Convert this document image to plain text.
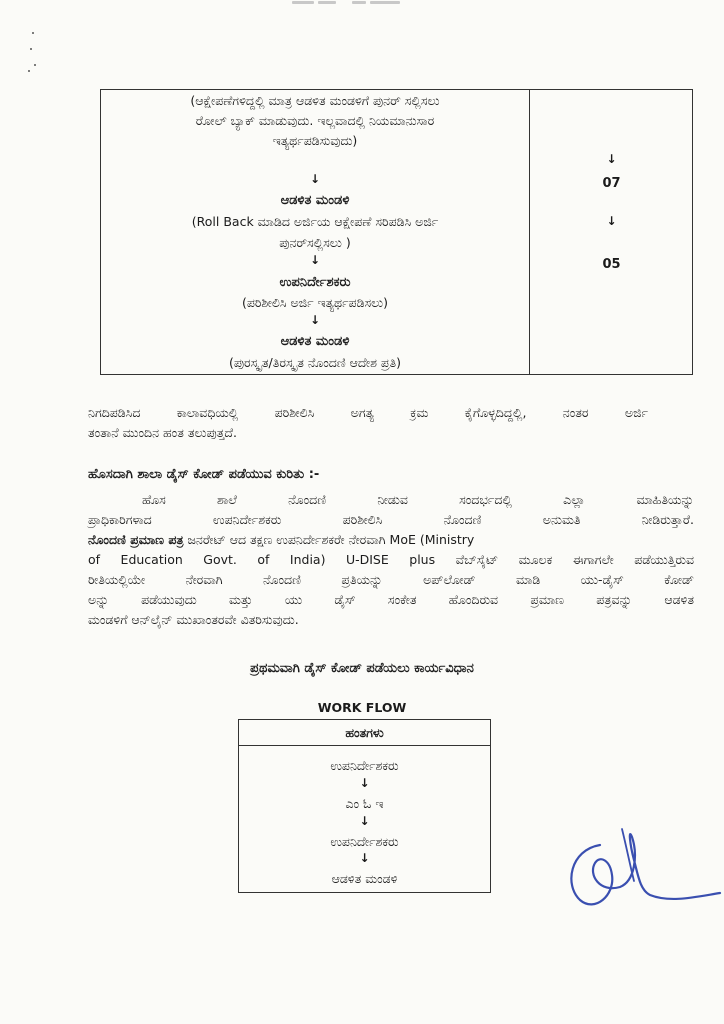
(ಆಕ್ಷೇಪಣೆಗಳಿದ್ದಲ್ಲಿ ಮಾತ್ರ ಆಡಳಿತ ಮಂಡಳಿಗೆ ಪುನರ್ ಸಲ್ಲಿಸಲು
ರೋಲ್ ಬ್ಯಾಕ್ ಮಾಡುವುದು. ಇಲ್ಲವಾದಲ್ಲಿ ನಿಯಮಾನುಸಾರ
ಇತ್ಯರ್ಥಪಡಿಸುವುದು)
↓
ಆಡಳಿತ ಮಂಡಳಿ
(Roll Back ಮಾಡಿದ ಅರ್ಜಿಯ ಆಕ್ಷೇಪಣೆ ಸರಿಪಡಿಸಿ ಅರ್ಜಿ
ಪುನರ್‌ಸಲ್ಲಿಸಲು )
↓
ಉಪನಿರ್ದೇಶಕರು
(ಪರಿಶೀಲಿಸಿ ಅರ್ಜಿ ಇತ್ಯರ್ಥಪಡಿಸಲು)
↓
ಆಡಳಿತ ಮಂಡಳಿ
(ಪುರಸ್ಕೃತ/ತಿರಸ್ಕೃತ ನೊಂದಣಿ ಆದೇಶ ಪ್ರತಿ)
↓
07
↓
05
ನಿಗದಿಪಡಿಸಿದ ಕಾಲಾವಧಿಯಲ್ಲಿ ಪರಿಶೀಲಿಸಿ ಅಗತ್ಯ ಕ್ರಮ ಕೈಗೊಳ್ಳದಿದ್ದಲ್ಲಿ, ನಂತರ ಅರ್ಜಿ
ತಂತಾನೆ ಮುಂದಿನ ಹಂತ ತಲುಪುತ್ತದೆ.
ಹೊಸದಾಗಿ ಶಾಲಾ ಡೈಸ್ ಕೋಡ್ ಪಡೆಯುವ ಕುರಿತು :-
ಹೊಸ ಶಾಲೆ ನೊಂದಣಿ ನೀಡುವ ಸಂದರ್ಭದಲ್ಲಿ ಎಲ್ಲಾ ಮಾಹಿತಿಯನ್ನು
ಪ್ರಾಧಿಕಾರಿಗಳಾದ ಉಪನಿರ್ದೇಶಕರು ಪರಿಶೀಲಿಸಿ ನೊಂದಣಿ ಅನುಮತಿ ನೀಡಿರುತ್ತಾರೆ.
ನೊಂದಣಿ ಪ್ರಮಾಣ ಪತ್ರ ಜನರೇಟ್ ಆದ ತಕ್ಷಣ ಉಪನಿರ್ದೇಶಕರೇ ನೇರವಾಗಿ MoE (Ministry
of Education Govt. of India) U-DISE plus ವೆಬ್‌ಸೈಟ್ ಮೂಲಕ ಈಗಾಗಲೇ ಪಡೆಯುತ್ತಿರುವ
ರೀತಿಯಲ್ಲಿಯೇ ನೇರವಾಗಿ ನೊಂದಣಿ ಪ್ರತಿಯನ್ನು ಅಪ್‌ಲೋಡ್ ಮಾಡಿ ಯು-ಡೈಸ್ ಕೋಡ್
ಅನ್ನು ಪಡೆಯುವುದು ಮತ್ತು ಯು ಡೈಸ್ ಸಂಕೇತ ಹೊಂದಿರುವ ಪ್ರಮಾಣ ಪತ್ರವನ್ನು ಆಡಳಿತ
ಮಂಡಳಿಗೆ ಆನ್‌ಲೈನ್ ಮುಖಾಂತರವೇ ವಿತರಿಸುವುದು.
ಪ್ರಥಮವಾಗಿ ಡೈಸ್ ಕೋಡ್ ಪಡೆಯಲು ಕಾರ್ಯವಿಧಾನ
WORK FLOW
ಹಂತಗಳು
ಉಪನಿರ್ದೇಶಕರು
↓
ಎಂ ಓ ಇ
↓
ಉಪನಿರ್ದೇಶಕರು
↓
ಆಡಳಿತ ಮಂಡಳಿ
